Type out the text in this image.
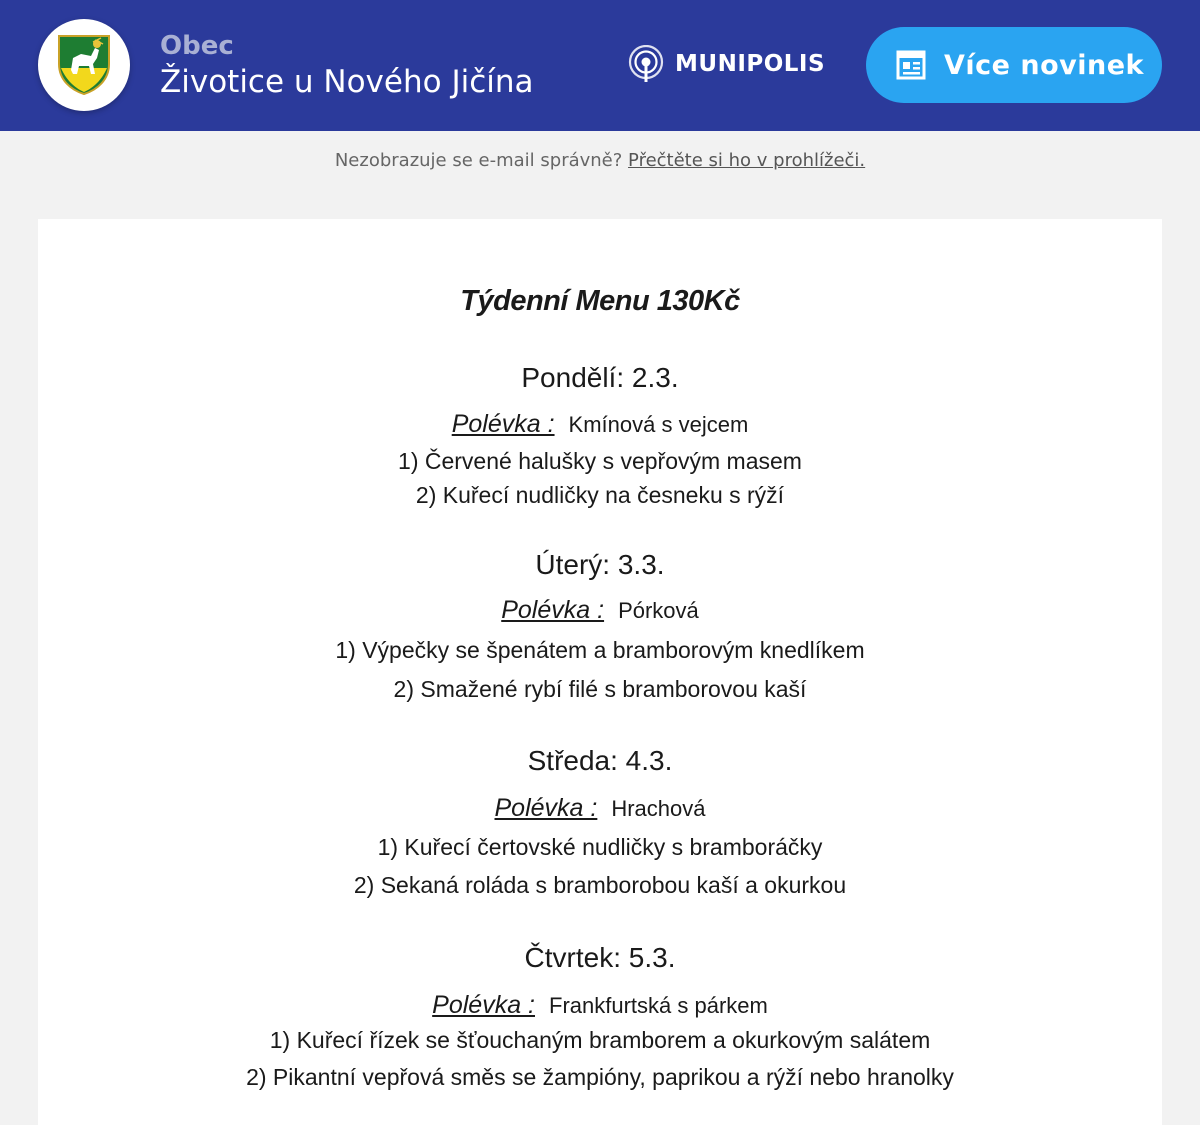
Obec
Životice u Nového Jičína	MUNIPOLIS	Více novinek
Nezobrazuje se e-mail správně? Přečtěte si ho v prohlížeči.
Týdenní Menu 130Kč
Pondělí: 2.3.
Polévka : Kmínová s vejcem
1) Červené halušky s vepřovým masem
2) Kuřecí nudličky na česneku s rýží
Úterý: 3.3.
Polévka : Pórková
1) Výpečky se špenátem a bramborovým knedlíkem
2) Smažené rybí filé s bramborovou kaší
Středa: 4.3.
Polévka : Hrachová
1) Kuřecí čertovské nudličky s bramboráčky
2) Sekaná roláda s bramborobou kaší a okurkou
Čtvrtek: 5.3.
Polévka : Frankfurtská s párkem
1) Kuřecí řízek se šťouchaným bramborem a okurkovým salátem
2) Pikantní vepřová směs se žampióny, paprikou a rýží nebo hranolky
